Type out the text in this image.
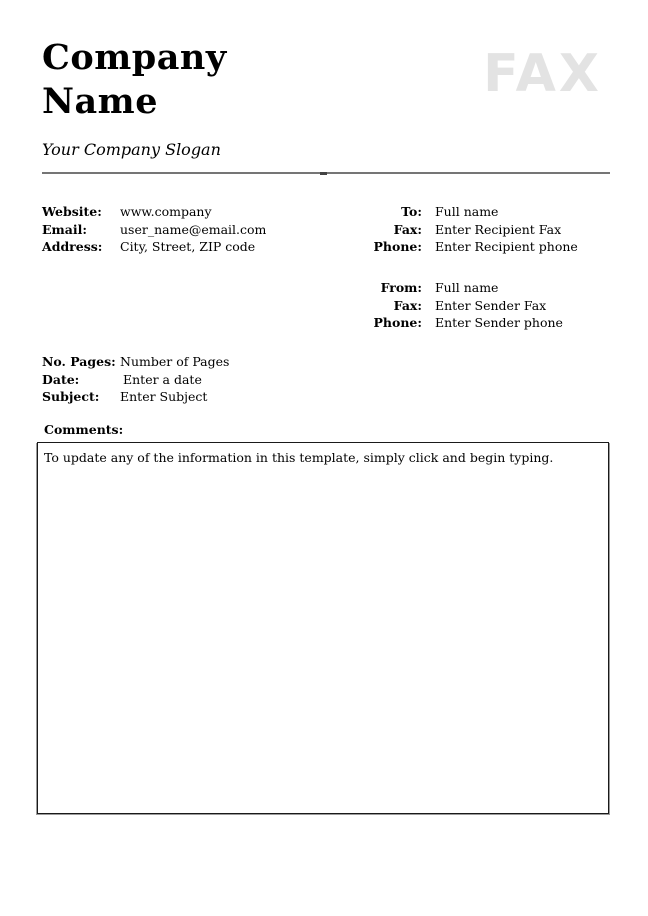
Company Name	FAX
Your Company Slogan
Website:	www.company
Email:	user_name@email.com
Address:	City, Street, ZIP code
To: Full name
Fax: Enter Recipient Fax
Phone: Enter Recipient phone
From: Full name
Fax: Enter Sender Fax
Phone: Enter Sender phone
No. Pages: Number of Pages
Date:	Enter a date
Subject:	Enter Subject
Comments:
To update any of the information in this template, simply click and begin typing.
